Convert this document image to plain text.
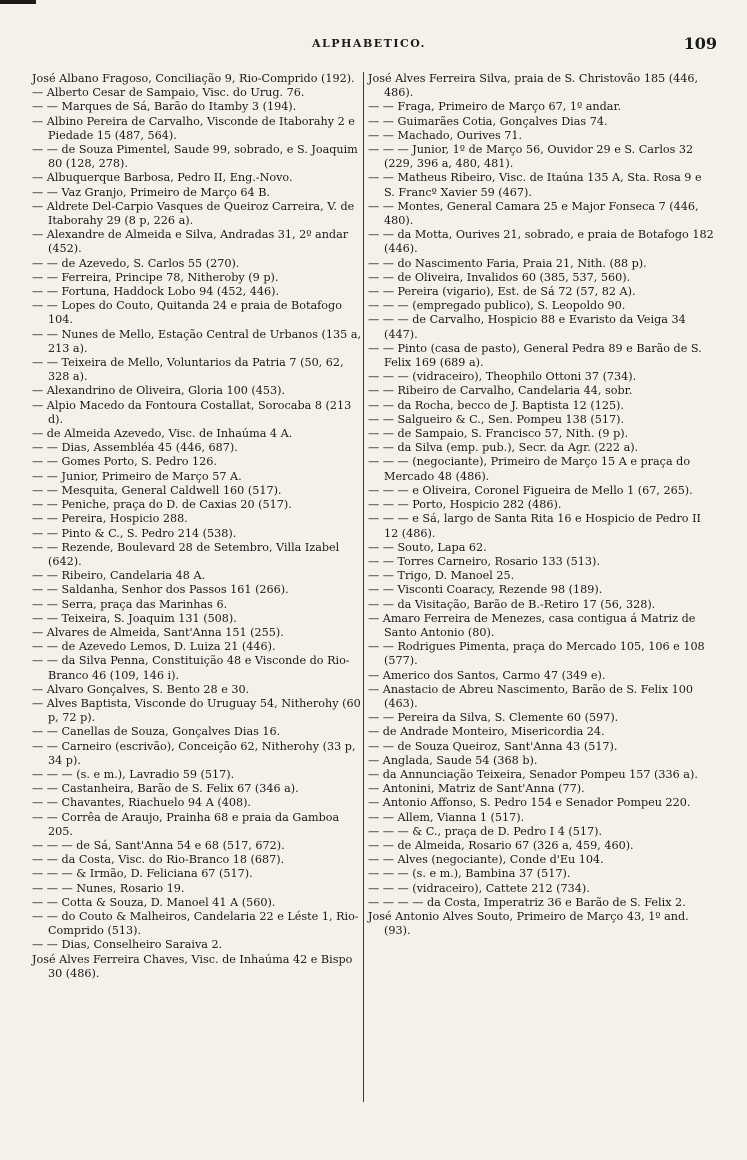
ALPHABETICO.	109
José Albano Fragoso, Conciliação 9, Rio-Comprido (192).
— Alberto Cesar de Sampaio, Visc. do Urug. 76.
— — Marques de Sá, Barão do Itamby 3 (194).
— Albino Pereira de Carvalho, Visconde de Itaborahy 2 e Piedade 15 (487, 564).
— — de Souza Pimentel, Saude 99, sobrado, e S. Joaquim 80 (128, 278).
— Albuquerque Barbosa, Pedro II, Eng.-Novo.
— — Vaz Granjo, Primeiro de Março 64 B.
— Aldrete Del-Carpio Vasques de Queiroz Carreira, V. de Itaborahy 29 (8 p, 226 a).
— Alexandre de Almeida e Silva, Andradas 31, 2º andar (452).
— — de Azevedo, S. Carlos 55 (270).
— — Ferreira, Principe 78, Nitheroby (9 p).
— — Fortuna, Haddock Lobo 94 (452, 446).
— — Lopes do Couto, Quitanda 24 e praia de Botafogo 104.
— — Nunes de Mello, Estação Central de Urbanos (135 a, 213 a).
— — Teixeira de Mello, Voluntarios da Patria 7 (50, 62, 328 a).
— Alexandrino de Oliveira, Gloria 100 (453).
— Alpio Macedo da Fontoura Costallat, Sorocaba 8 (213 d).
— de Almeida Azevedo, Visc. de Inhaúma 4 A.
— — Dias, Assembléa 45 (446, 687).
— — Gomes Porto, S. Pedro 126.
— — Junior, Primeiro de Março 57 A.
— — Mesquita, General Caldwell 160 (517).
— — Peniche, praça do D. de Caxias 20 (517).
— — Pereira, Hospicio 288.
— — Pinto & C., S. Pedro 214 (538).
— — Rezende, Boulevard 28 de Setembro, Villa Izabel (642).
— — Ribeiro, Candelaria 48 A.
— — Saldanha, Senhor dos Passos 161 (266).
— — Serra, praça das Marinhas 6.
— — Teixeira, S. Joaquim 131 (508).
— Alvares de Almeida, Sant'Anna 151 (255).
— — de Azevedo Lemos, D. Luiza 21 (446).
— — da Silva Penna, Constituição 48 e Visconde do Rio-Branco 46 (109, 146 i).
— Alvaro Gonçalves, S. Bento 28 e 30.
— Alves Baptista, Visconde do Uruguay 54, Nitherohy (60 p, 72 p).
— — Canellas de Souza, Gonçalves Dias 16.
— — Carneiro (escrivão), Conceição 62, Nitherohy (33 p, 34 p).
— — — (s. e m.), Lavradio 59 (517).
— — Castanheira, Barão de S. Felix 67 (346 a).
— — Chavantes, Riachuelo 94 A (408).
— — Corrêa de Araujo, Prainha 68 e praia da Gamboa 205.
— — — de Sá, Sant'Anna 54 e 68 (517, 672).
— — da Costa, Visc. do Rio-Branco 18 (687).
— — — & Irmão, D. Feliciana 67 (517).
— — — Nunes, Rosario 19.
— — Cotta & Souza, D. Manoel 41 A (560).
— — do Couto & Malheiros, Candelaria 22 e Léste 1, Rio-Comprido (513).
— — Dias, Conselheiro Saraiva 2.
José Alves Ferreira Chaves, Visc. de Inhaúma 42 e Bispo 30 (486).
José Alves Ferreira Silva, praia de S. Christovão 185 (446, 486).
— — Fraga, Primeiro de Março 67, 1º andar.
— — Guimarães Cotia, Gonçalves Dias 74.
— — Machado, Ourives 71.
— — — Junior, 1º de Março 56, Ouvidor 29 e S. Carlos 32 (229, 396 a, 480, 481).
— — Matheus Ribeiro, Visc. de Itaúna 135 A, Sta. Rosa 9 e S. Francº Xavier 59 (467).
— — Montes, General Camara 25 e Major Fonseca 7 (446, 480).
— — da Motta, Ourives 21, sobrado, e praia de Botafogo 182 (446).
— — do Nascimento Faria, Praia 21, Nith. (88 p).
— — de Oliveira, Invalidos 60 (385, 537, 560).
— — Pereira (vigario), Est. de Sá 72 (57, 82 A).
— — — (empregado publico), S. Leopoldo 90.
— — — de Carvalho, Hospicio 88 e Evaristo da Veiga 34 (447).
— — Pinto (casa de pasto), General Pedra 89 e Barão de S. Felix 169 (689 a).
— — — (vidraceiro), Theophilo Ottoni 37 (734).
— — Ribeiro de Carvalho, Candelaria 44, sobr.
— — da Rocha, becco de J. Baptista 12 (125).
— — Salgueiro & C., Sen. Pompeu 138 (517).
— — de Sampaio, S. Francisco 57, Nith. (9 p).
— — da Silva (emp. pub.), Secr. da Agr. (222 a).
— — — (negociante), Primeiro de Março 15 A e praça do Mercado 48 (486).
— — — e Oliveira, Coronel Figueira de Mello 1 (67, 265).
— — — Porto, Hospicio 282 (486).
— — — e Sá, largo de Santa Rita 16 e Hospicio de Pedro II 12 (486).
— — Souto, Lapa 62.
— — Torres Carneiro, Rosario 133 (513).
— — Trigo, D. Manoel 25.
— — Visconti Coaracy, Rezende 98 (189).
— — da Visitação, Barão de B.-Retiro 17 (56, 328).
— Amaro Ferreira de Menezes, casa contigua á Matriz de Santo Antonio (80).
— — Rodrigues Pimenta, praça do Mercado 105, 106 e 108 (577).
— Americo dos Santos, Carmo 47 (349 e).
— Anastacio de Abreu Nascimento, Barão de S. Felix 100 (463).
— — Pereira da Silva, S. Clemente 60 (597).
— de Andrade Monteiro, Misericordia 24.
— — de Souza Queiroz, Sant'Anna 43 (517).
— Anglada, Saude 54 (368 b).
— da Annunciação Teixeira, Senador Pompeu 157 (336 a).
— Antonini, Matriz de Sant'Anna (77).
— Antonio Affonso, S. Pedro 154 e Senador Pompeu 220.
— — Allem, Vianna 1 (517).
— — — & C., praça de D. Pedro I 4 (517).
— — de Almeida, Rosario 67 (326 a, 459, 460).
— — Alves (negociante), Conde d'Eu 104.
— — — (s. e m.), Bambina 37 (517).
— — — (vidraceiro), Cattete 212 (734).
— — — — da Costa, Imperatriz 36 e Barão de S. Felix 2.
José Antonio Alves Souto, Primeiro de Março 43, 1º and. (93).
